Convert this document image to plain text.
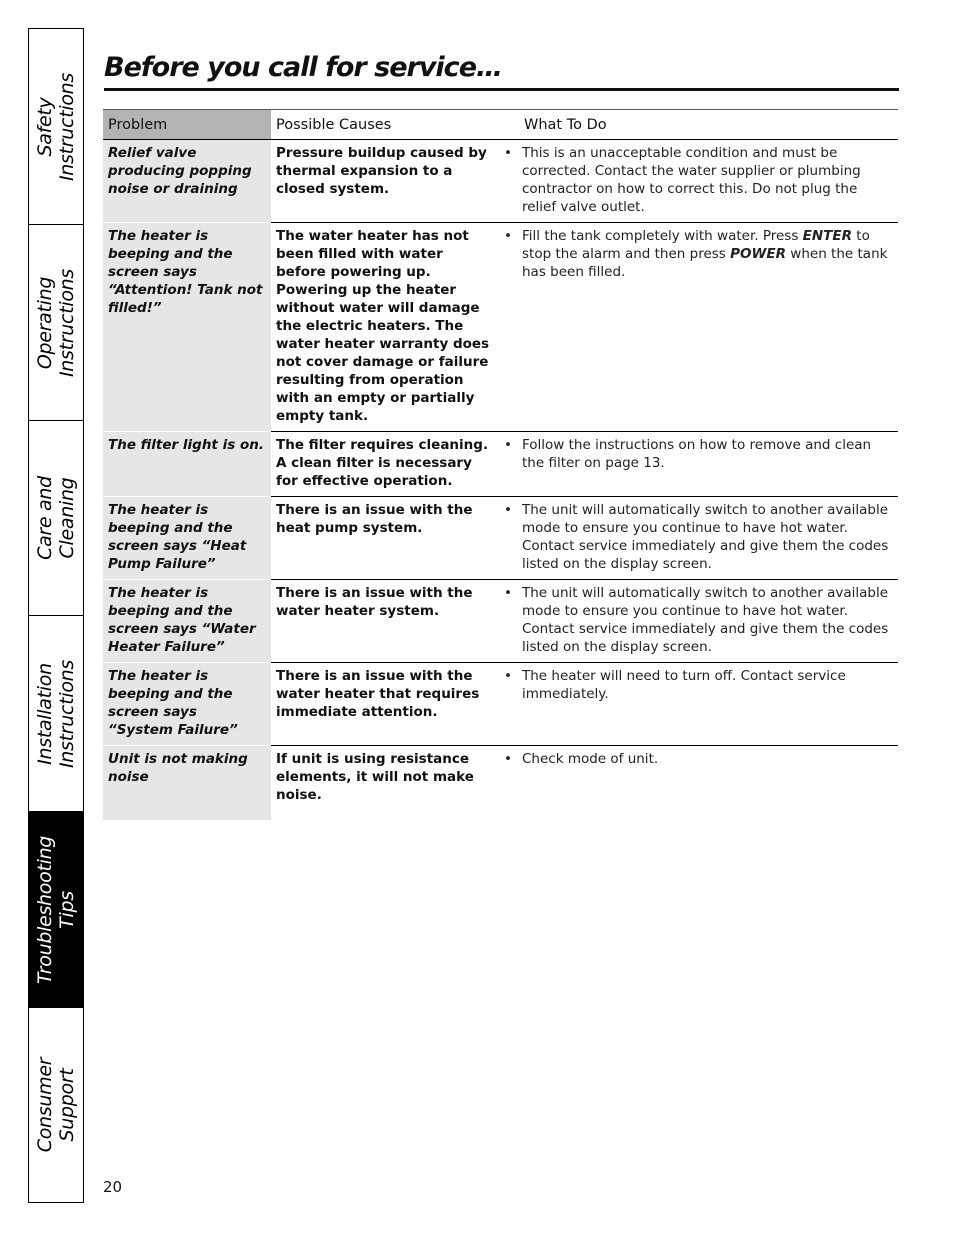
Safety Instructions
Operating Instructions
Care and Cleaning
Installation Instructions
Troubleshooting Tips
Consumer Support
Before you call for service…
Problem	Possible Causes	What To Do
Relief valve producing popping noise or draining	Pressure buildup caused by thermal expansion to a closed system.	• This is an unacceptable condition and must be corrected. Contact the water supplier or plumbing contractor on how to correct this. Do not plug the relief valve outlet.

The heater is beeping and the screen says “Attention! Tank not filled!”	The water heater has not been filled with water before powering up. Powering up the heater without water will damage the electric heaters. The water heater warranty does not cover damage or failure resulting from operation with an empty or partially empty tank.	• Fill the tank completely with water. Press ENTER to stop the alarm and then press POWER when the tank has been filled.

The filter light is on.	The filter requires cleaning. A clean filter is necessary for effective operation.	• Follow the instructions on how to remove and clean the filter on page 13.

The heater is beeping and the screen says “Heat Pump Failure”	There is an issue with the heat pump system.	• The unit will automatically switch to another available mode to ensure you continue to have hot water. Contact service immediately and give them the codes listed on the display screen.

The heater is beeping and the screen says “Water Heater Failure”	There is an issue with the water heater system.	• The unit will automatically switch to another available mode to ensure you continue to have hot water. Contact service immediately and give them the codes listed on the display screen.

The heater is beeping and the screen says “System Failure”	There is an issue with the water heater that requires immediate attention.	• The heater will need to turn off. Contact service immediately.

Unit is not making noise	If unit is using resistance elements, it will not make noise.	• Check mode of unit.
20
